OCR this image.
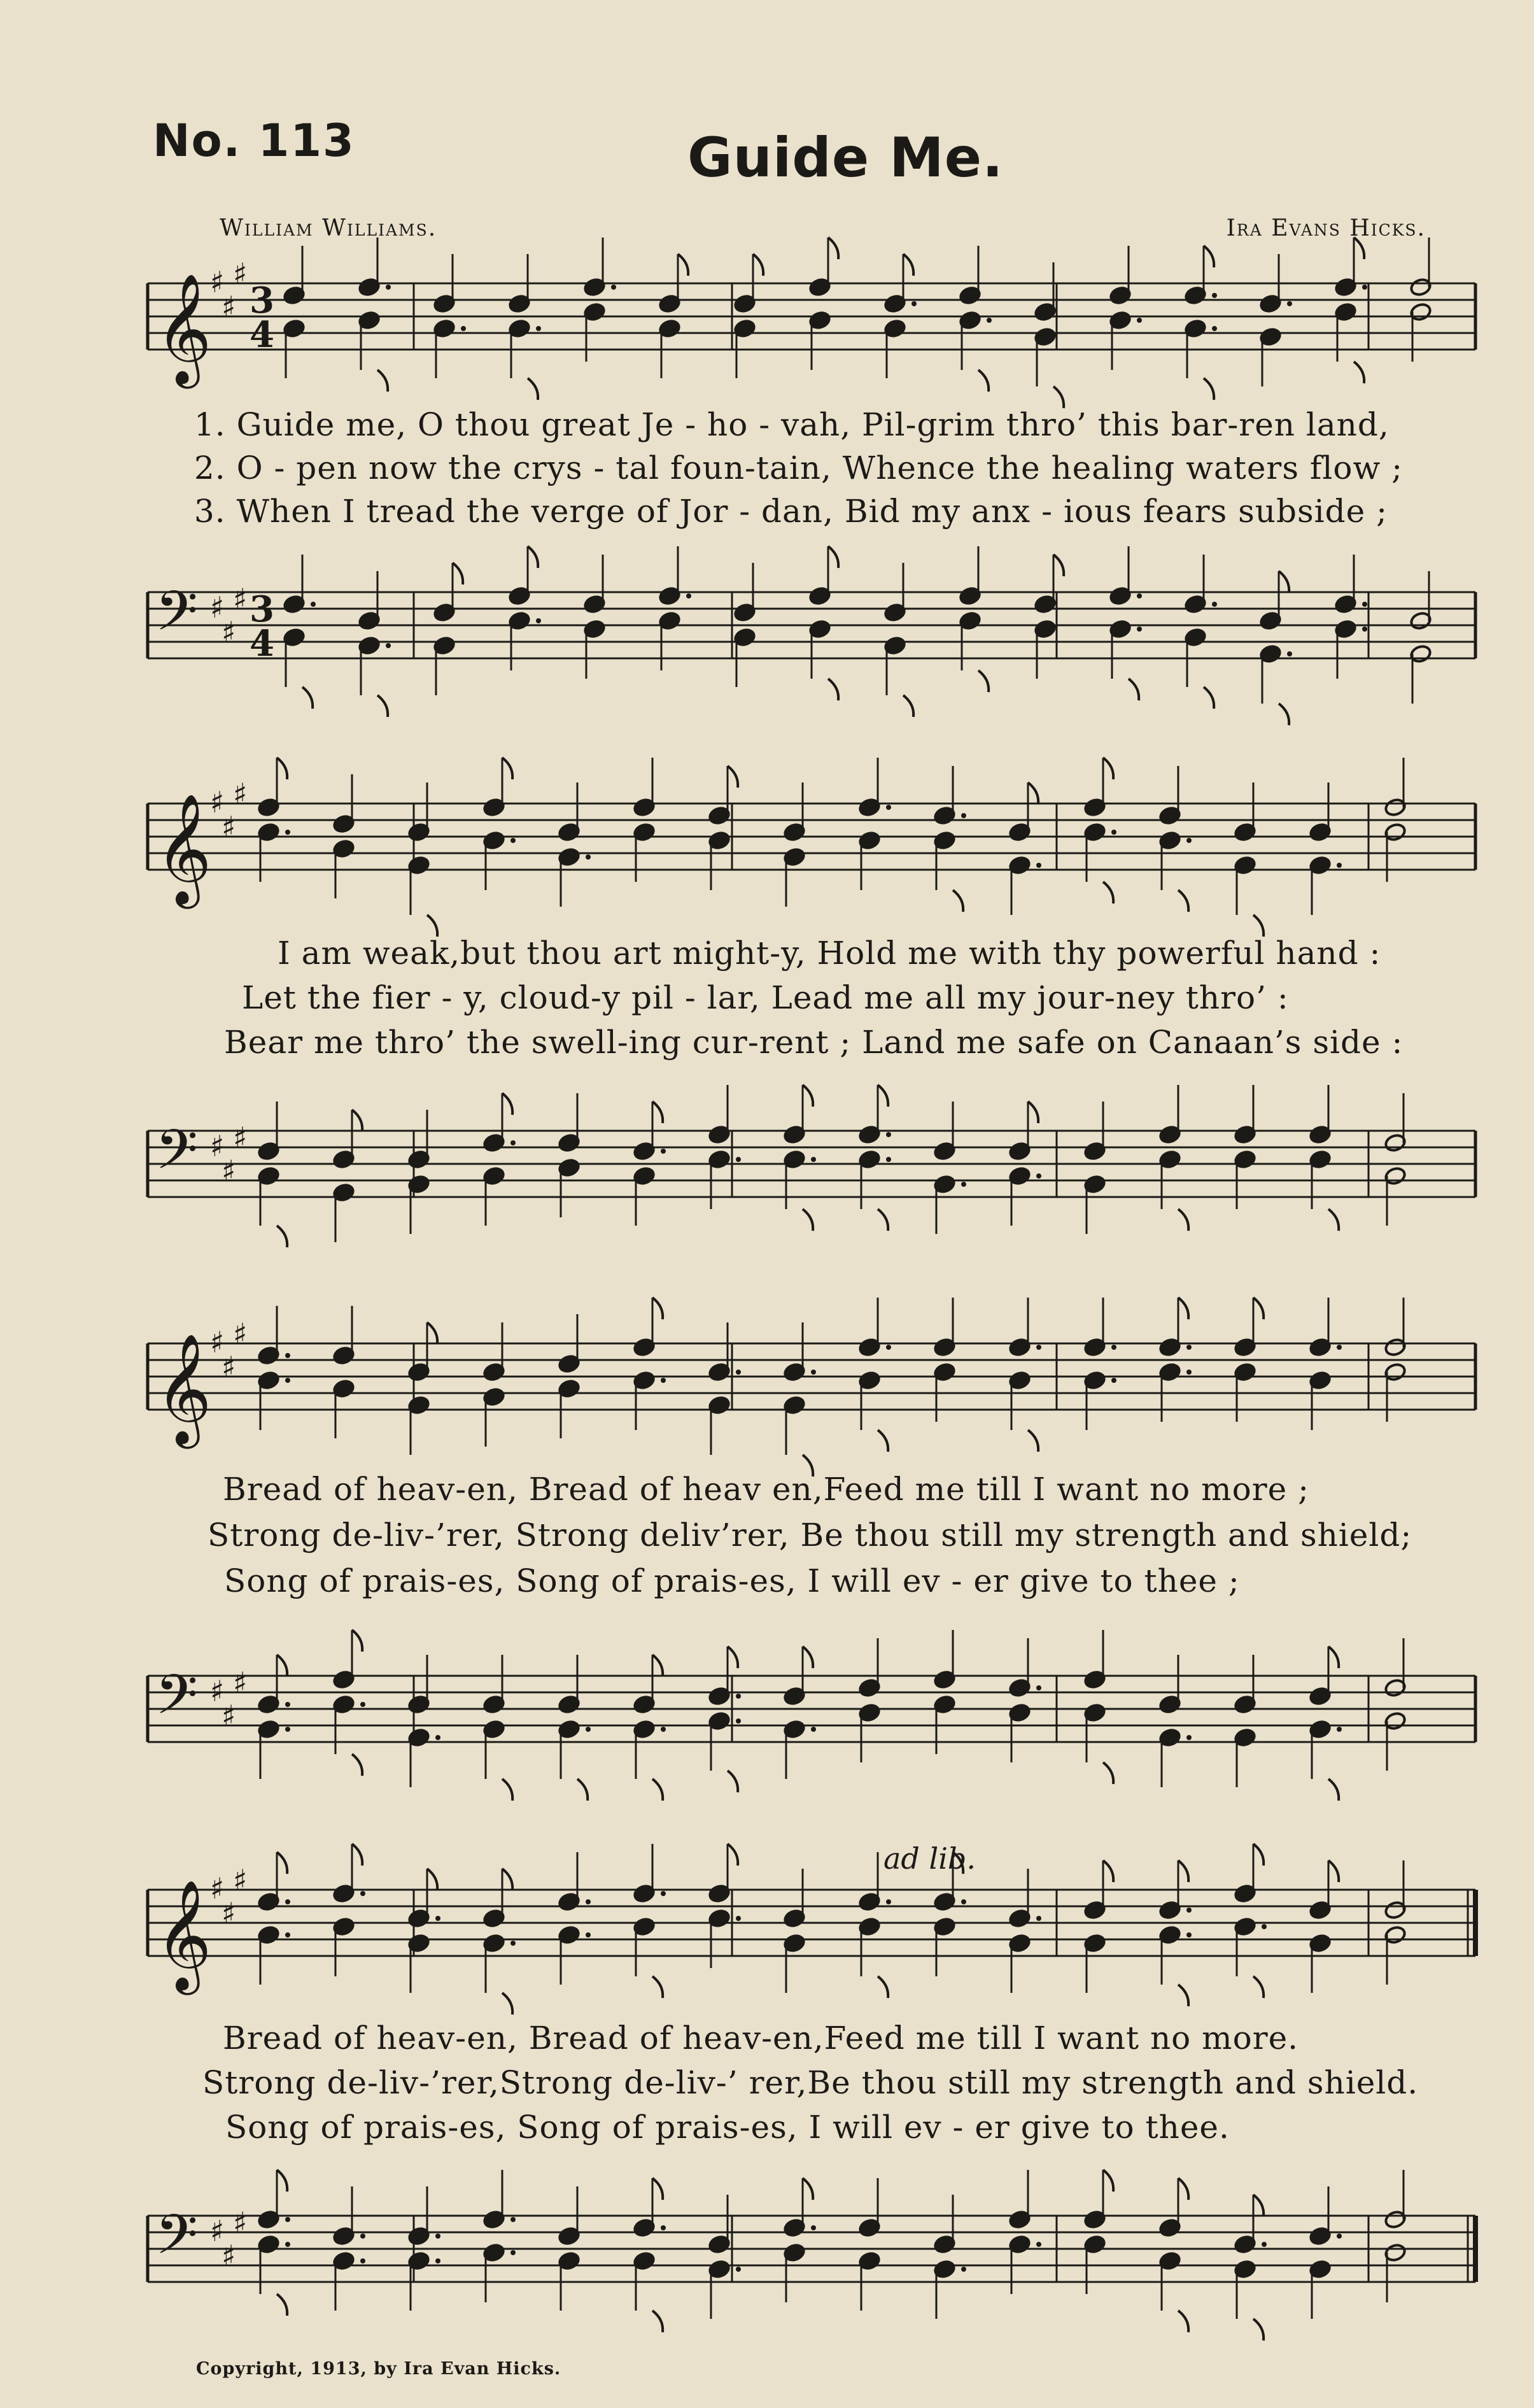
No. 113	Guide Me.
William Williams.	Ira Evans Hicks.
𝄞
♯
♯
♯
3
4
1. Guide me, O thou great Je - ho - vah, Pil-grim thro’ this bar-ren land,
2. O - pen now the crys - tal foun-tain, Whence the healing waters flow ;
3. When I tread the verge of Jor - dan, Bid my anx - ious fears subside ;
𝄢 ♯
♯
♯ 3
4
𝄞
♯
♯
♯
I am weak,but thou art might-y, Hold me with thy powerful hand :
Let the fier - y, cloud-y pil - lar, Lead me all my jour-ney thro’ :
Bear me thro’ the swell-ing cur-rent ; Land me safe on Canaan’s side :
𝄢 ♯
♯
♯
𝄞
♯
♯
♯
Bread of heav-en, Bread of heav en,Feed me till I want no more ;
Strong de-liv-’rer, Strong deliv’rer, Be thou still my strength and shield;
Song of prais-es, Song of prais-es, I will ev - er give to thee ;
𝄢 ♯
♯
♯
ad lib.
𝄞
♯
♯
♯
Bread of heav-en, Bread of heav-en,Feed me till I want no more.
Strong de-liv-’rer,Strong de-liv-’ rer,Be thou still my strength and shield.
Song of prais-es, Song of prais-es, I will ev - er give to thee.
𝄢 ♯
♯
♯
Copyright, 1913, by Ira Evan Hicks.
